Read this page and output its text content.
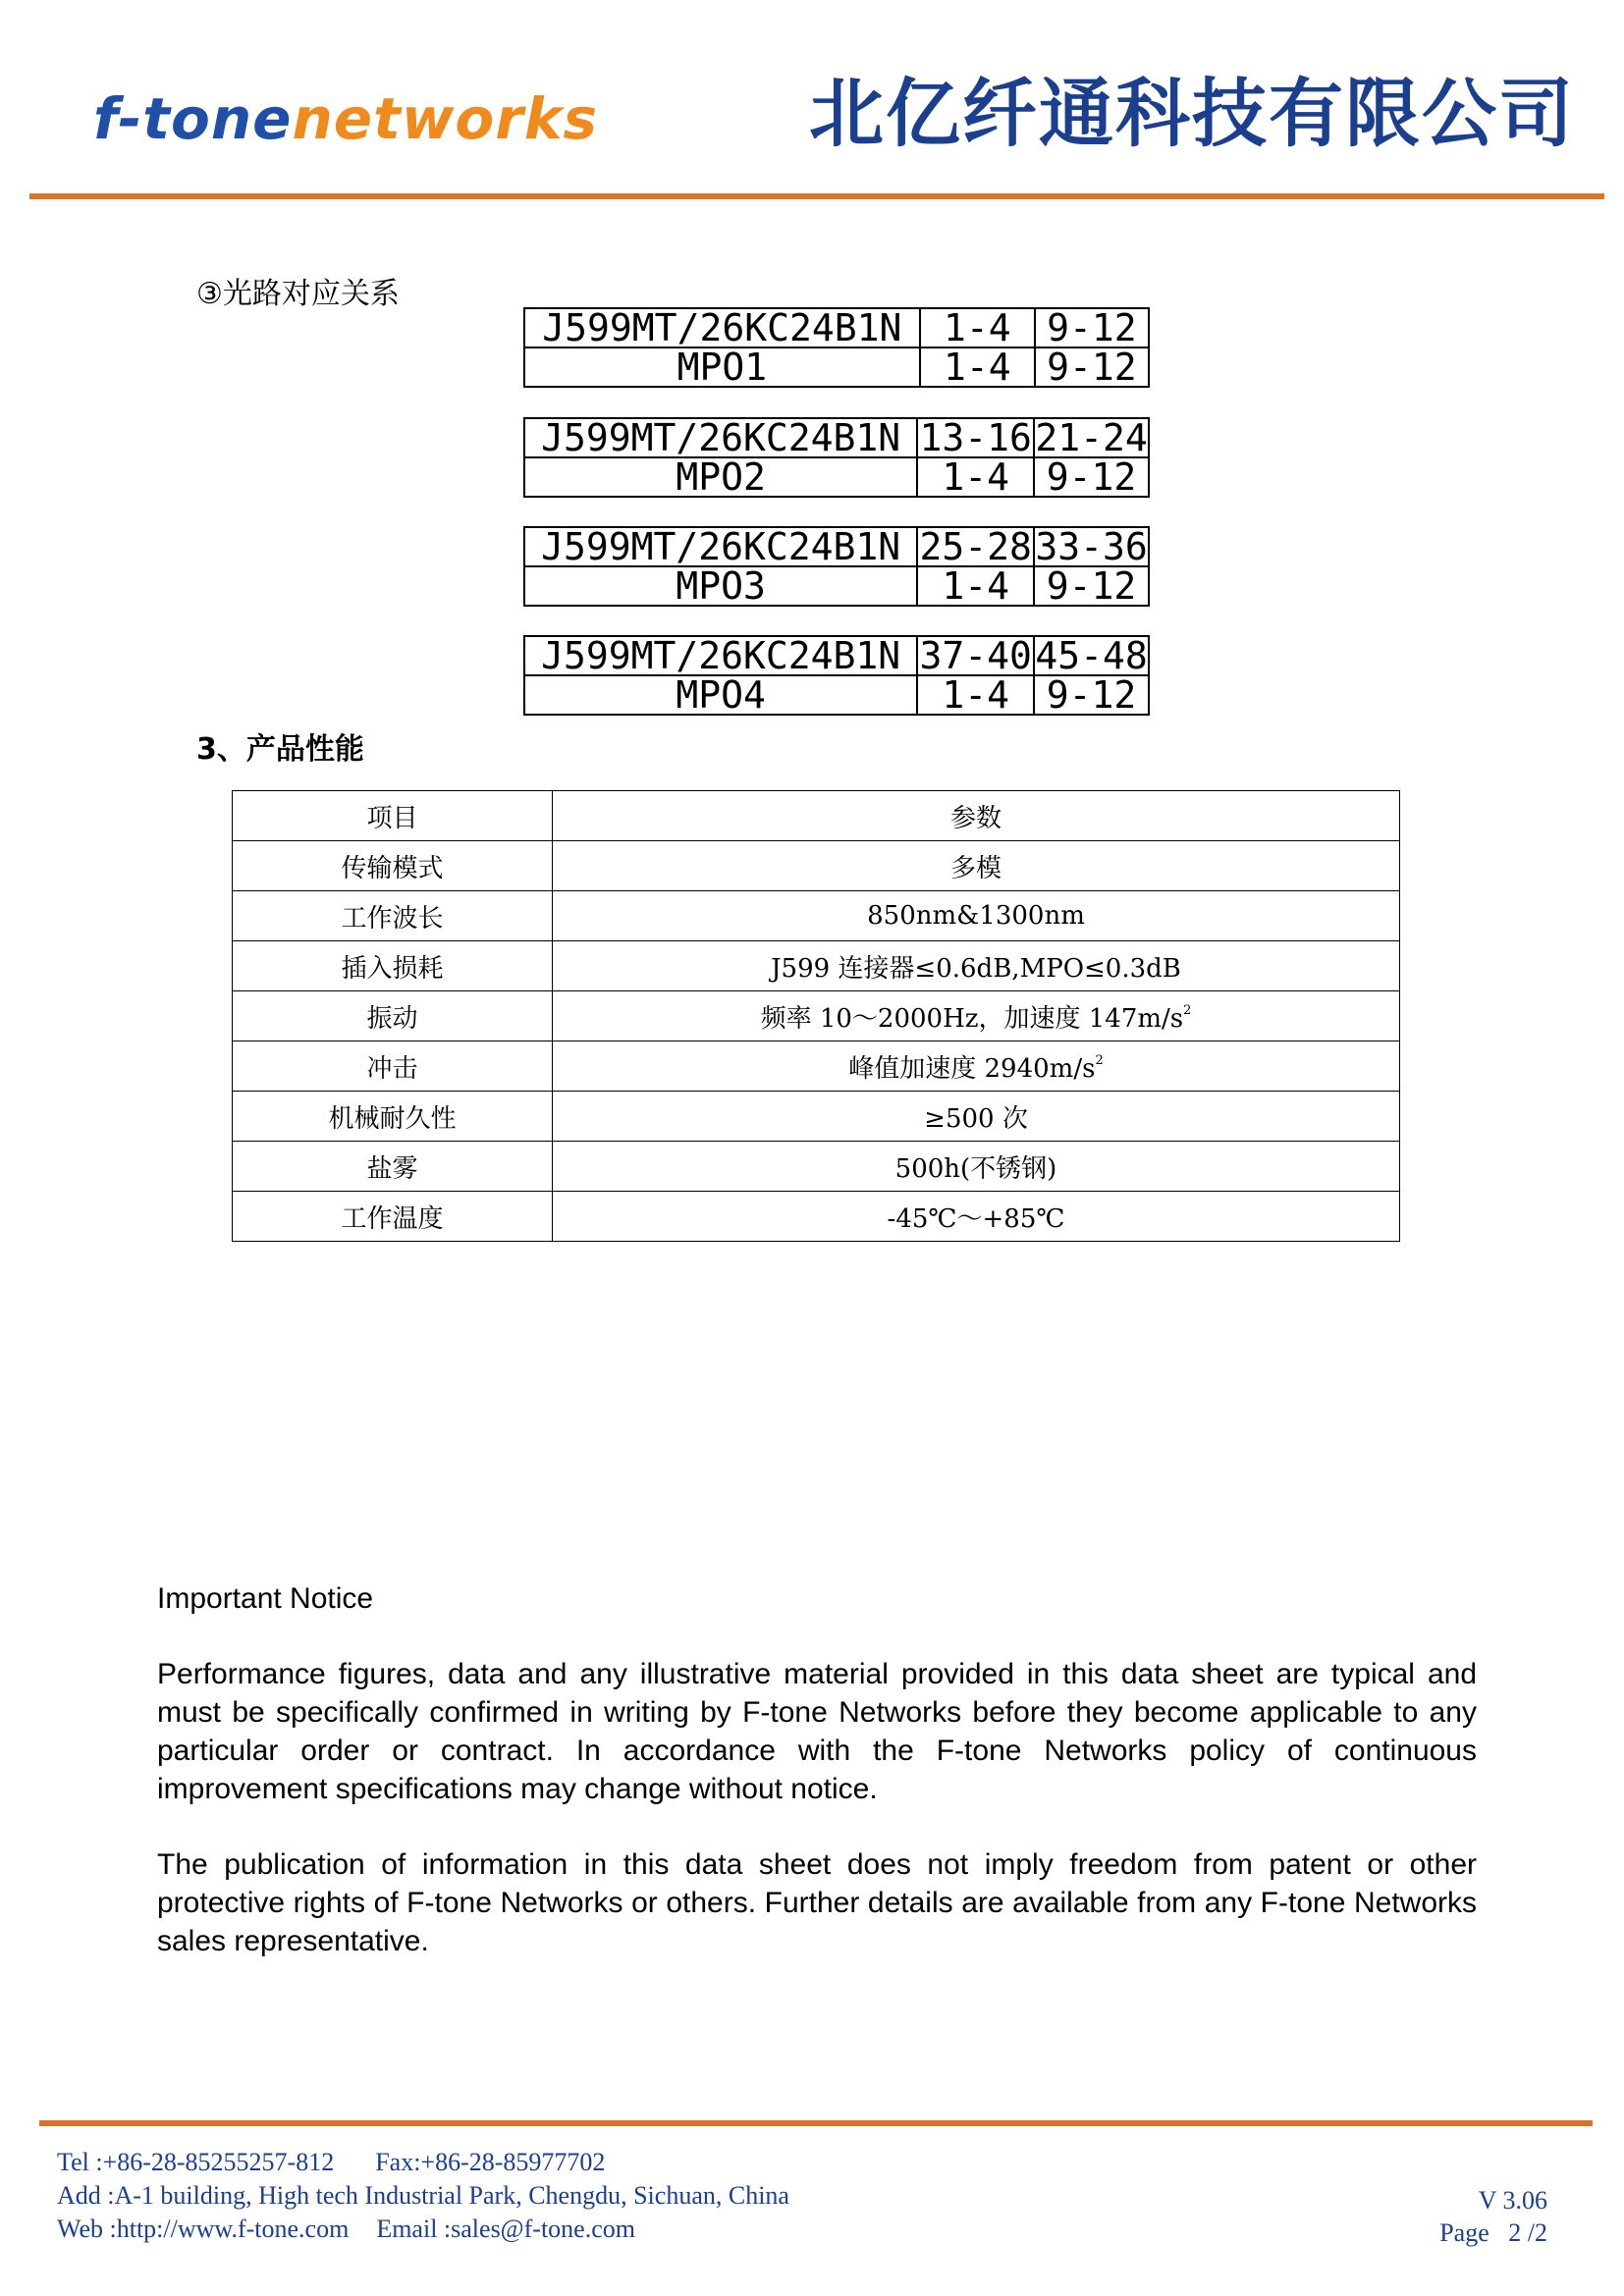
f-tonenetworks	北亿纤通科技有限公司
③光路对应关系
J599MT/26KC24B1N	1-4	9-12
MPO1	1-4	9-12
J599MT/26KC24B1N	13-16	21-24
MPO2	1-4	9-12
J599MT/26KC24B1N	25-28	33-36
MPO3	1-4	9-12
J599MT/26KC24B1N	37-40	45-48
MPO4	1-4	9-12
3、产品性能
项目	参数
传输模式	多模
工作波长	850nm&1300nm
插入损耗	J599 连接器≤0.6dB,MPO≤0.3dB
振动	频率 10～2000Hz，加速度 $147m/s^2$
冲击	峰值加速度 $2940m/s^2$
机械耐久性	≥500 次
盐雾	500h(不锈钢)
工作温度	-45℃～+85℃
Important Notice
Performance figures, data and any illustrative material provided in this data sheet are typical and must be specifically confirmed in writing by F-tone Networks before they become applicable to any particular order or contract. In accordance with the F-tone Networks policy of continuous improvement specifications may change without notice.
The publication of information in this data sheet does not imply freedom from patent or other protective rights of F-tone Networks or others. Further details are available from any F-tone Networks sales representative.
Tel :+86-28-85255257-812 Fax:+86-28-85977702
Add :A-1 building, High tech Industrial Park, Chengdu, Sichuan, China
Web :http://www.f-tone.com Email :sales@f-tone.com
V 3.06
Page 2 /2
